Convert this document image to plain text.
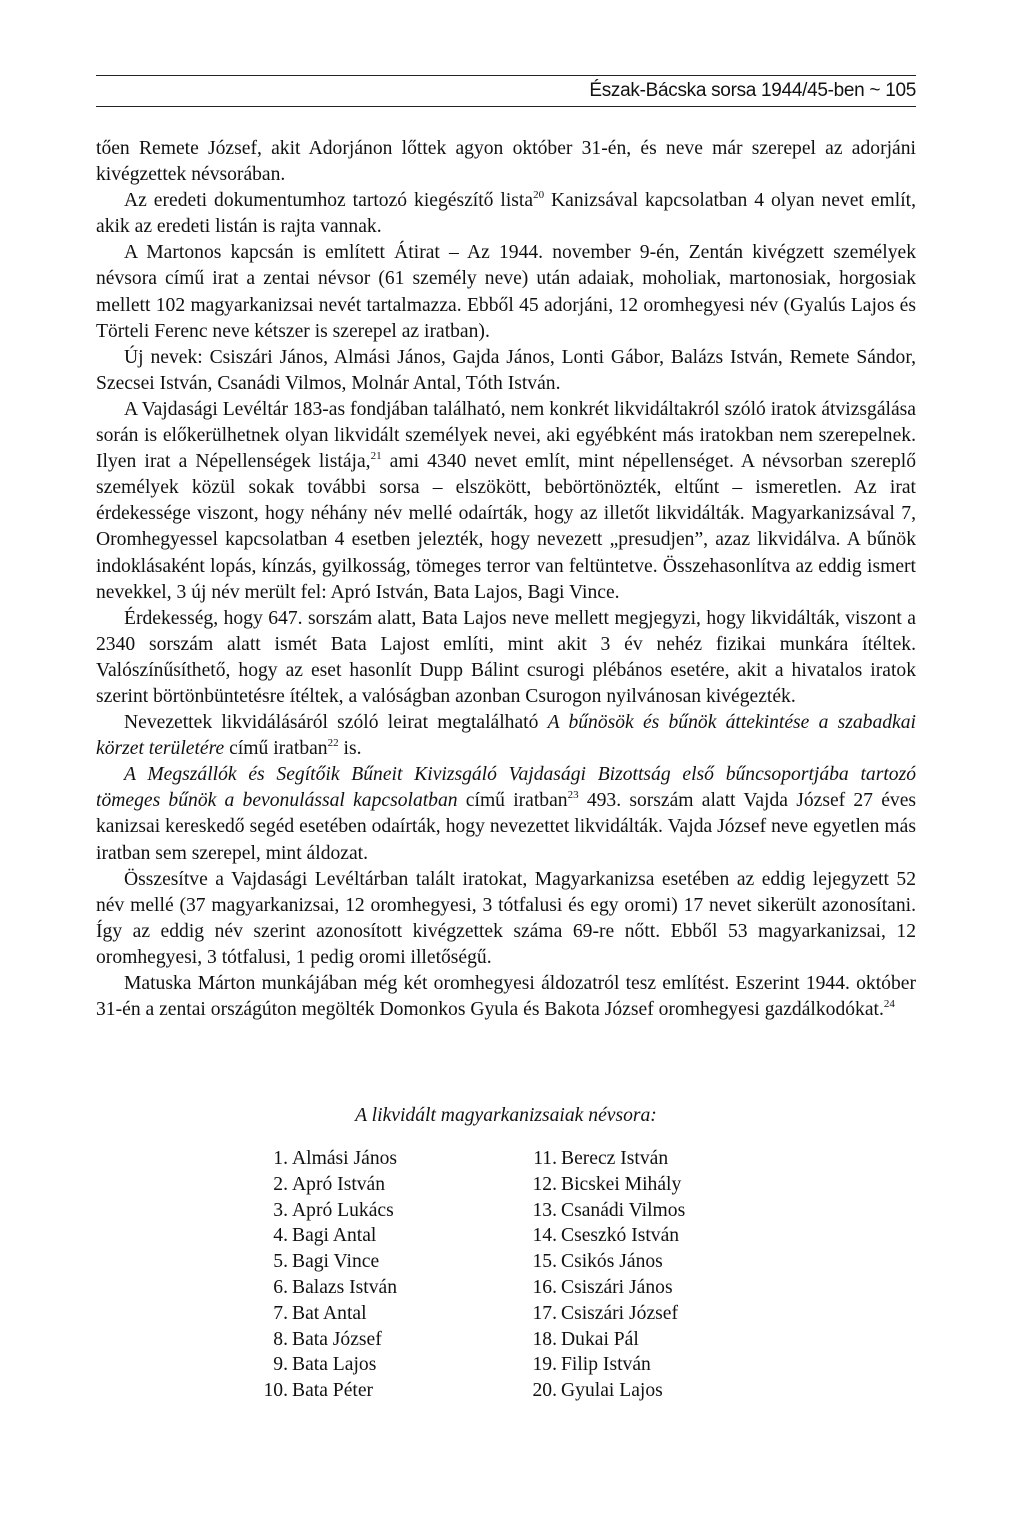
Észak-Bácska sorsa 1944/45-ben ~ 105

tően Remete József, akit Adorjánon lőttek agyon október 31-én, és neve már szerepel az adorjáni kivégzettek névsorában.

Az eredeti dokumentumhoz tartozó kiegészítő lista$^{20}$ Kanizsával kapcsolatban 4 olyan nevet említ, akik az eredeti listán is rajta vannak.

A Martonos kapcsán is említett Átirat – Az 1944. november 9-én, Zentán kivégzett személyek névsora című irat a zentai névsor (61 személy neve) után adaiak, moholiak, martonosiak, horgosiak mellett 102 magyarkanizsai nevét tartalmazza. Ebből 45 adorjáni, 12 oromhegyesi név (Gyalús Lajos és Törteli Ferenc neve kétszer is szerepel az iratban).

Új nevek: Csiszári János, Almási János, Gajda János, Lonti Gábor, Balázs István, Remete Sándor, Szecsei István, Csanádi Vilmos, Molnár Antal, Tóth István.

A Vajdasági Levéltár 183-as fondjában található, nem konkrét likvidáltakról szóló iratok átvizsgálása során is előkerülhetnek olyan likvidált személyek nevei, aki egyébként más iratokban nem szerepelnek. Ilyen irat a Népellenségek listája,$^{21}$ ami 4340 nevet említ, mint népellenséget. A névsorban szereplő személyek közül sokak további sorsa – elszökött, bebörtönözték, eltűnt – ismeretlen. Az irat érdekessége viszont, hogy néhány név mellé odaírták, hogy az illetőt likvidálták. Magyarkanizsával 7, Oromhegyessel kapcsolatban 4 esetben jelezték, hogy nevezett „presudjen”, azaz likvidálva. A bűnök indoklásaként lopás, kínzás, gyilkosság, tömeges terror van feltüntetve. Összehasonlítva az eddig ismert nevekkel, 3 új név merült fel: Apró István, Bata Lajos, Bagi Vince.

Érdekesség, hogy 647. sorszám alatt, Bata Lajos neve mellett megjegyzi, hogy likvidálták, viszont a 2340 sorszám alatt ismét Bata Lajost említi, mint akit 3 év nehéz fizikai munkára ítéltek. Valószínűsíthető, hogy az eset hasonlít Dupp Bálint csurogi plébános esetére, akit a hivatalos iratok szerint börtönbüntetésre ítéltek, a valóságban azonban Csurogon nyilvánosan kivégezték.

Nevezettek likvidálásáról szóló leirat megtalálható A bűnösök és bűnök áttekintése a szabadkai körzet területére című iratban$^{22}$ is.

A Megszállók és Segítőik Bűneit Kivizsgáló Vajdasági Bizottság első bűncsoportjába tartozó tömeges bűnök a bevonulással kapcsolatban című iratban$^{23}$ 493. sorszám alatt Vajda József 27 éves kanizsai kereskedő segéd esetében odaírták, hogy nevezettet likvidálták. Vajda József neve egyetlen más iratban sem szerepel, mint áldozat.

Összesítve a Vajdasági Levéltárban talált iratokat, Magyarkanizsa esetében az eddig lejegyzett 52 név mellé (37 magyarkanizsai, 12 oromhegyesi, 3 tótfalusi és egy oromi) 17 nevet sikerült azonosítani. Így az eddig név szerint azonosított kivégzettek száma 69-re nőtt. Ebből 53 magyarkanizsai, 12 oromhegyesi, 3 tótfalusi, 1 pedig oromi illetőségű.

Matuska Márton munkájában még két oromhegyesi áldozatról tesz említést. Eszerint 1944. október 31-én a zentai országúton megölték Domonkos Gyula és Bakota József oromhegyesi gazdálkodókat.$^{24}$

A likvidált magyarkanizsaiak névsora:
1. Almási János
2. Apró István
3. Apró Lukács
4. Bagi Antal
5. Bagi Vince
6. Balazs István
7. Bat Antal
8. Bata József
9. Bata Lajos
10. Bata Péter
11. Berecz István
12. Bicskei Mihály
13. Csanádi Vilmos
14. Cseszkó István
15. Csikós János
16. Csiszári János
17. Csiszári József
18. Dukai Pál
19. Filip István
20. Gyulai Lajos
